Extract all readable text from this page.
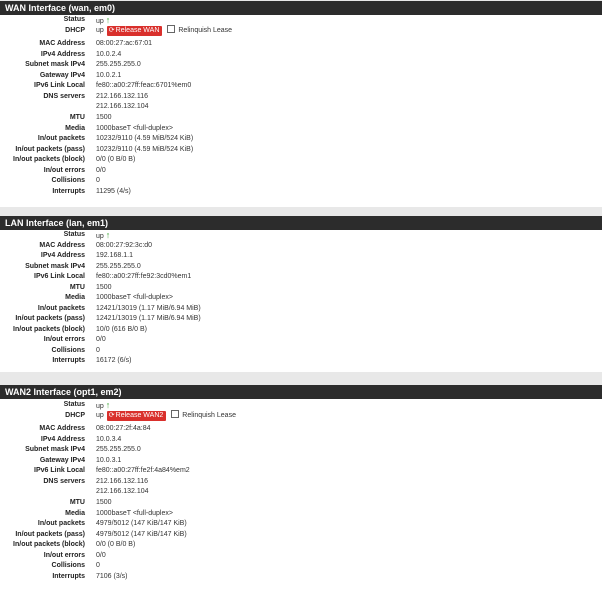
WAN Interface (wan, em0)
Status up ↑
DHCP up ⟳Release WAN	Relinquish Lease
MAC Address 08:00:27:ac:67:01
IPv4 Address 10.0.2.4
Subnet mask IPv4 255.255.255.0
Gateway IPv4 10.0.2.1
IPv6 Link Local fe80::a00:27ff:feac:6701%em0
DNS servers 212.166.132.116
212.166.132.104
MTU 1500
Media 1000baseT <full-duplex>
In/out packets 10232/9110 (4.59 MiB/524 KiB)
In/out packets (pass) 10232/9110 (4.59 MiB/524 KiB)
In/out packets (block) 0/0 (0 B/0 B)
In/out errors 0/0
Collisions 0
Interrupts 11295 (4/s)
LAN Interface (lan, em1)
Status up ↑
MAC Address 08:00:27:92:3c:d0
IPv4 Address 192.168.1.1
Subnet mask IPv4 255.255.255.0
IPv6 Link Local fe80::a00:27ff:fe92:3cd0%em1
MTU 1500
Media 1000baseT <full-duplex>
In/out packets 12421/13019 (1.17 MiB/6.94 MiB)
In/out packets (pass) 12421/13019 (1.17 MiB/6.94 MiB)
In/out packets (block) 10/0 (616 B/0 B)
In/out errors 0/0
Collisions 0
Interrupts 16172 (6/s)
WAN2 Interface (opt1, em2)
Status up ↑
DHCP up ⟳Release WAN2	Relinquish Lease
MAC Address 08:00:27:2f:4a:84
IPv4 Address 10.0.3.4
Subnet mask IPv4 255.255.255.0
Gateway IPv4 10.0.3.1
IPv6 Link Local fe80::a00:27ff:fe2f:4a84%em2
DNS servers 212.166.132.116
212.166.132.104
MTU 1500
Media 1000baseT <full-duplex>
In/out packets 4979/5012 (147 KiB/147 KiB)
In/out packets (pass) 4979/5012 (147 KiB/147 KiB)
In/out packets (block) 0/0 (0 B/0 B)
In/out errors 0/0
Collisions 0
Interrupts 7106 (3/s)
